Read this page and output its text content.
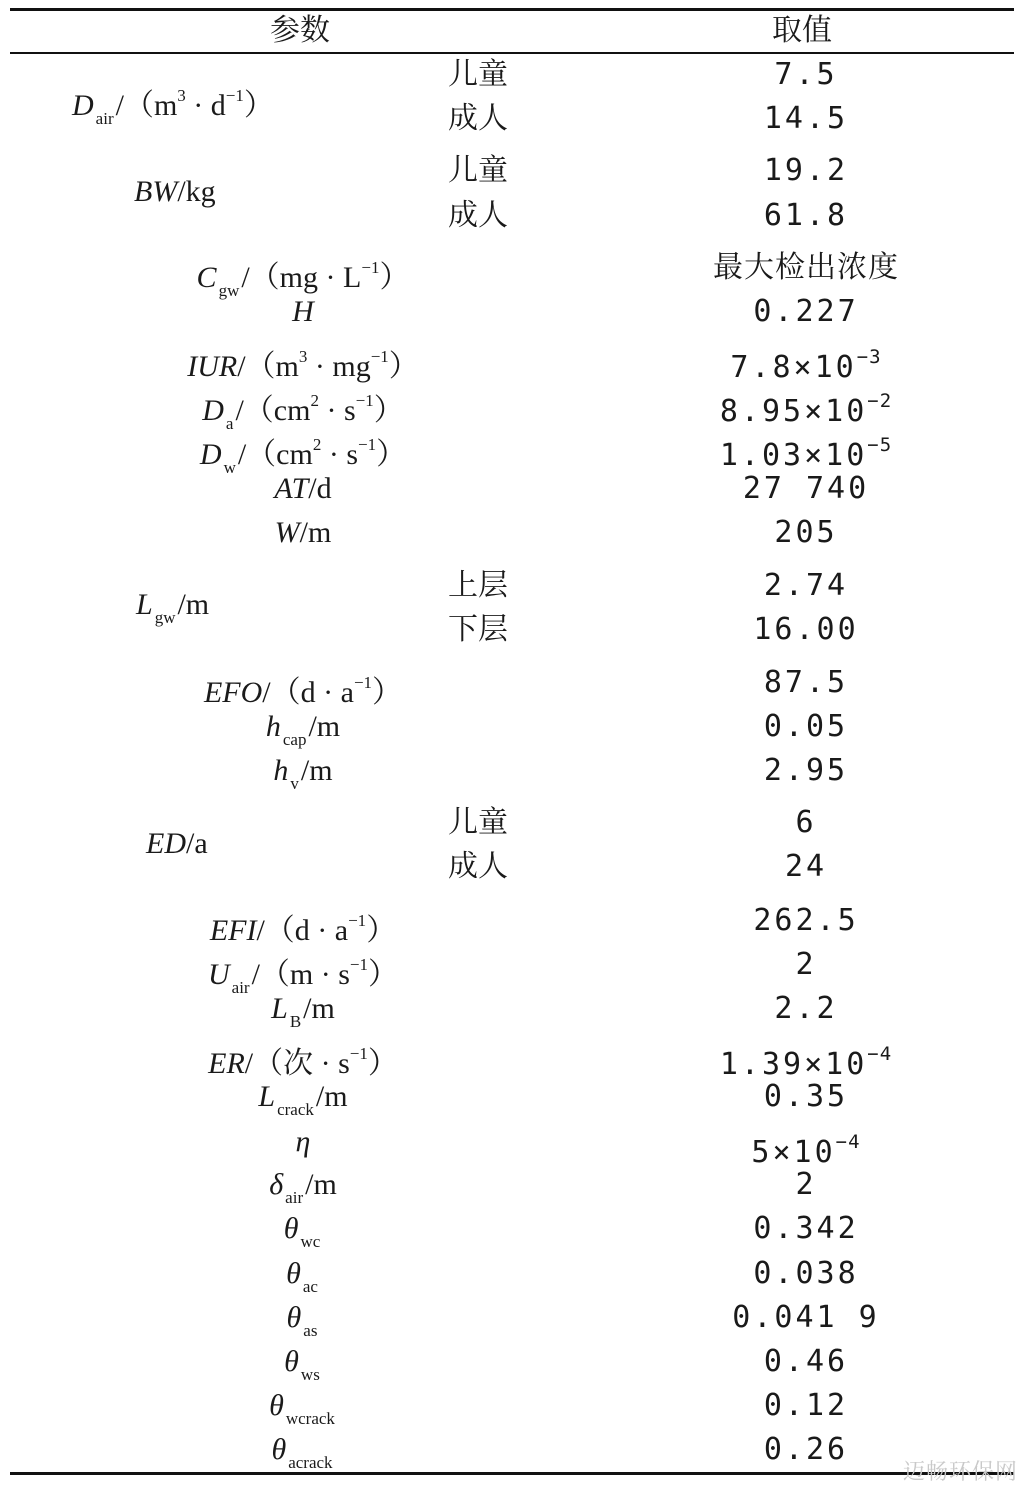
参数	取值
D $_{air}/(m^3 \cdot d^{-1})$
儿童	7.5
成人	14.5
BW/kg
儿童	19.2
成人	61.8
C $_{gw}/(mg \cdot L^{-1})$	最大检出浓度
H	0.227
IUR/$(m^3 \cdot mg^{-1})$	$7.8\times 10^{-3}$
D $_a/(cm^2 \cdot s^{-1})$	$8.95\times 10^{-2}$
D $_w/(cm^2 \cdot s^{-1})$	$1.03\times 10^{-5}$
AT/d	27 740
W/m	205
L $_{gw}$/m
上层	2.74
下层	16.00
$EFO/(d \cdot a^{-1})$	87.5
h $_{cap}$/m	0.05
h $_v$/m	2.95
ED/a
儿童	6
成人	24
$EFI/(d \cdot a^{-1})$	262.5
U $_{air}/(m \cdot s^{-1})$	2
L $_B$/m	2.2
ER/（次 · $s^{-1}$）	$1.39\times 10^{-4}$
L $_{crack}$/m	0.35
η	$5\times 10^{-4}$
δ $_{air}$/m	2
θ $_{wc}$	0.342
θ $_{ac}$	0.038
θ $_{as}$	0.041 9
θ $_{ws}$	0.46
θ $_{wcrack}$	0.12
θ $_{acrack}$	0.26
迈畅环保网
